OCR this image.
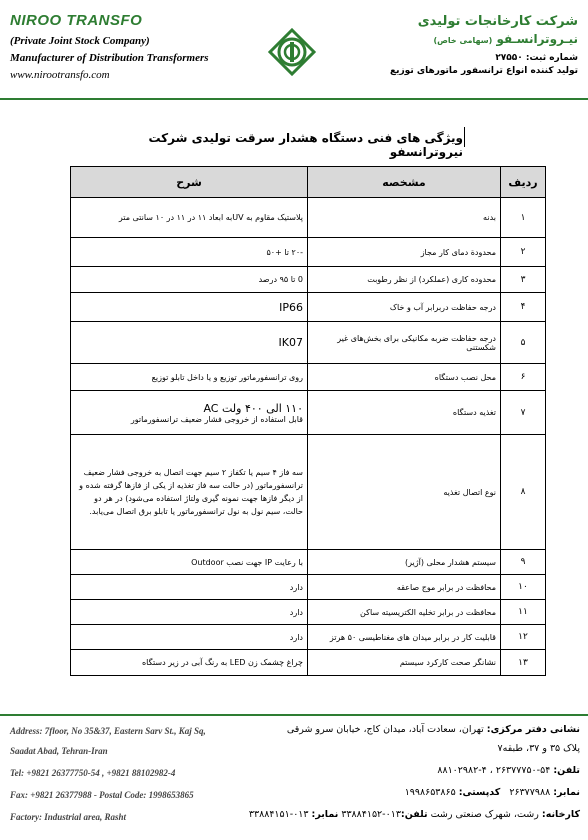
NIROO TRANSFO
(Private Joint Stock Company)
Manufacturer of Distribution Transformers
www.nirootransfo.com
شرکت کارخانجات تولیدی
نیـروترانسـفو (سهامی خاص)
شماره ثبت: ۲۷۵۵۰
تولید کننده انواع ترانسفور ماتورهای توزیع
ویژگی های فنی دستگاه هشدار سرقت تولیدی شرکت نیروترانسفو
ردیف	مشخصه	شرح
۱	بدنه	پلاستیک مقاوم به UVبه ابعاد ۱۱ در ۱۱ در ۱۰ سانتی متر
۲	محدودة دمای کار مجاز	-۲۰ تا +۵۰
۳	محدوده کاری (عملکرد) از نظر رطوبت	0 تا ۹۵ درصد
۴	درجه حفاظت دربرابر آب و خاک	IP66
۵	درجه حفاظت ضربه مکانیکی برای بخش‌های غیر شکستنی	IK07
۶	محل نصب دستگاه	روی ترانسفورماتور توزیع و یا داخل تابلو توزیع
۷	تغذیه دستگاه	۱۱۰ الی ۴۰۰ ولت AC
قابل استفاده از خروجی فشار ضعیف ترانسفورماتور

۸	نوع اتصال تغذیه	سه فاز ۴ سیم یا تکفاز ۲ سیم جهت اتصال به خروجی فشار ضعیف ترانسفورماتور (در حالت سه فاز تغذیه از یکی از فازها گرفته شده و از دیگر فازها جهت نمونه گیری ولتاژ استفاده می‌شود) در هر دو حالت، سیم نول به نول ترانسفورماتور یا تابلو برق اتصال می‌یابد.
۹	سیستم هشدار محلی (آژیر)	با رعایت IP جهت نصب Outdoor
۱۰	محافظت در برابر موج صاعقه	دارد
۱۱	محافظت در برابر تخلیه الکتریسیته ساکن	دارد
۱۲	قابلیت کار در برابر میدان های مغناطیسی ۵۰ هرتز	دارد
۱۳	نشانگر صحت کارکرد سیستم	چراغ چشمک زن LED به رنگ آبی در زیر دستگاه
Address: 7floor, No 35&37, Eastern Sarv St., Kaj Sq,
Saadat Abad, Tehran-Iran
Tel: +9821 26377750-54 , +9821 88102982-4
Fax: +9821 26377988 - Postal Code: 1998653865
Factory: Industrial area, Rasht
نشانی دفتر مرکزی: تهران، سعادت آباد، میدان کاج، خیابان سرو شرقی
پلاک ۳۵ و ۳۷، طبقه۷
تلفن: ۵۴-۲۶۳۷۷۷۵۰ ، ۴-۸۸۱۰۲۹۸۲
نمابر: ۲۶۳۷۷۹۸۸   کدپستی: ۱۹۹۸۶۵۳۸۶۵
کارخانه: رشت، شهرک صنعتی رشت تلفن:۰۱۳-۳۳۸۸۴۱۵۲ نمابر: ۰۱۳-۳۳۸۸۴۱۵۱
